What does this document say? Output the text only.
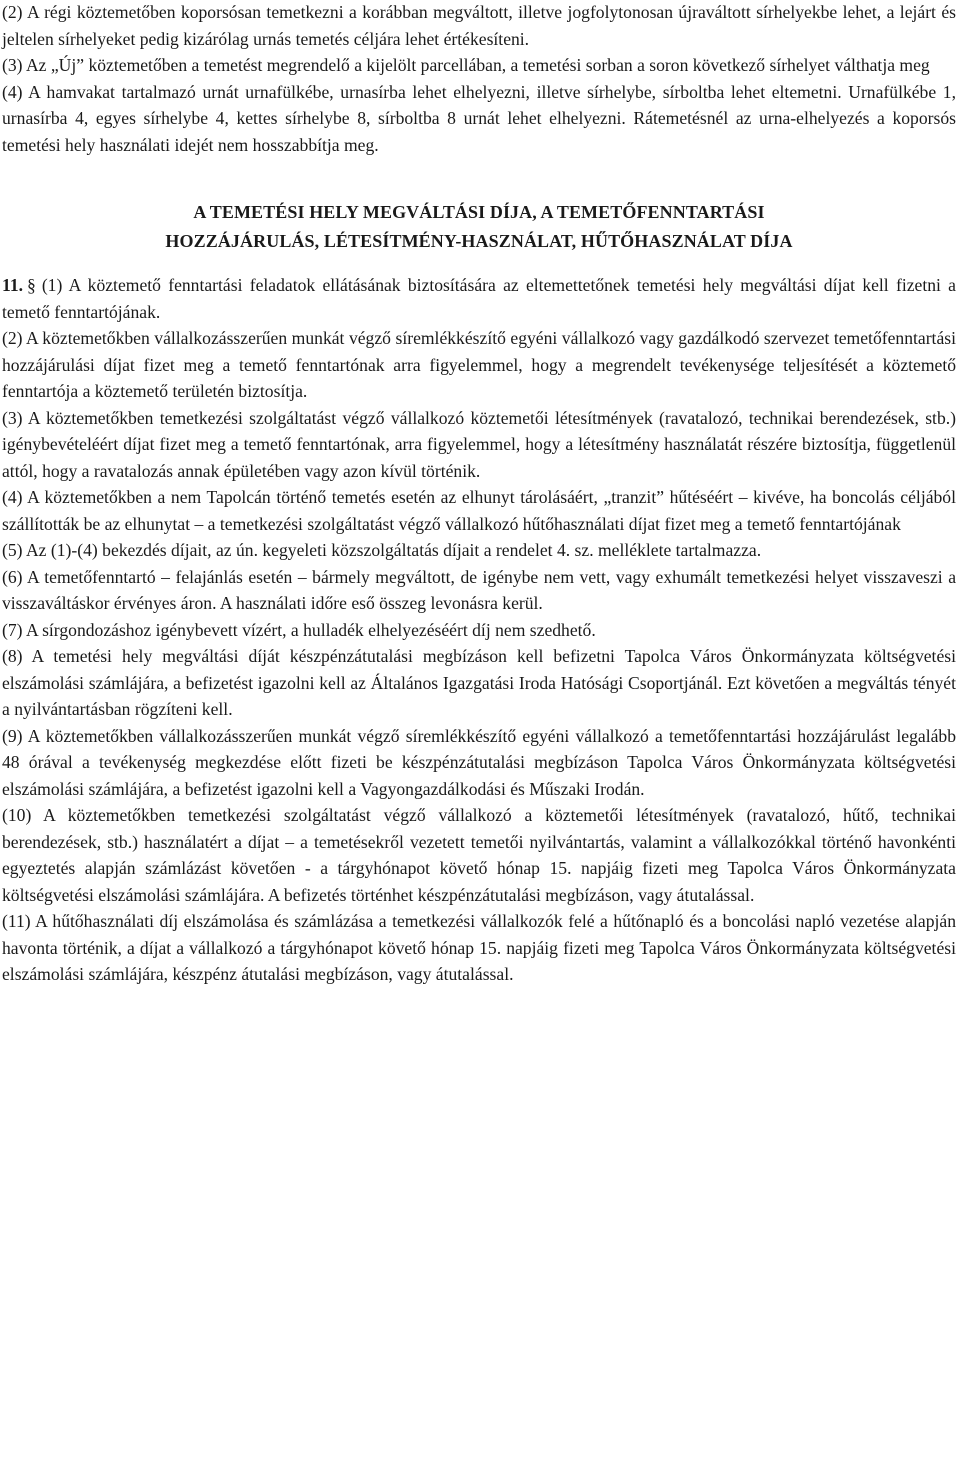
(2) A régi köztemetőben koporsósan temetkezni a korábban megváltott, illetve jogfolytonosan újraváltott sírhelyekbe lehet, a lejárt és jeltelen sírhelyeket pedig kizárólag urnás temetés céljára lehet értékesíteni.

(3) Az „Új” köztemetőben a temetést megrendelő a kijelölt parcellában, a temetési sorban a soron következő sírhelyet válthatja meg

(4) A hamvakat tartalmazó urnát urnafülkébe, urnasírba lehet elhelyezni, illetve sírhelybe, sírboltba lehet eltemetni. Urnafülkébe 1, urnasírba 4, egyes sírhelybe 4, kettes sírhelybe 8, sírboltba 8 urnát lehet elhelyezni. Rátemetésnél az urna-elhelyezés a koporsós temetési hely használati idejét nem hosszabbítja meg.

A TEMETÉSI HELY MEGVÁLTÁSI DÍJA, A TEMETŐFENNTARTÁSI
HOZZÁJÁRULÁS, LÉTESÍTMÉNY-HASZNÁLAT, HŰTŐHASZNÁLAT DÍJA

11. § (1) A köztemető fenntartási feladatok ellátásának biztosítására az eltemettetőnek temetési hely megváltási díjat kell fizetni a temető fenntartójának.

(2) A köztemetőkben vállalkozásszerűen munkát végző síremlékkészítő egyéni vállalkozó vagy gazdálkodó szervezet temetőfenntartási hozzájárulási díjat fizet meg a temető fenntartónak arra figyelemmel, hogy a megrendelt tevékenysége teljesítését a köztemető fenntartója a köztemető területén biztosítja.

(3) A köztemetőkben temetkezési szolgáltatást végző vállalkozó köztemetői létesítmények (ravatalozó, technikai berendezések, stb.) igénybevételéért díjat fizet meg a temető fenntartónak, arra figyelemmel, hogy a létesítmény használatát részére biztosítja, függetlenül attól, hogy a ravatalozás annak épületében vagy azon kívül történik.

(4) A köztemetőkben a nem Tapolcán történő temetés esetén az elhunyt tárolásáért, „tranzit” hűtéséért – kivéve, ha boncolás céljából szállították be az elhunytat – a temetkezési szolgáltatást végző vállalkozó hűtőhasználati díjat fizet meg a temető fenntartójának

(5) Az (1)-(4) bekezdés díjait, az ún. kegyeleti közszolgáltatás díjait a rendelet 4. sz. melléklete tartalmazza.

(6) A temetőfenntartó – felajánlás esetén – bármely megváltott, de igénybe nem vett, vagy exhumált temetkezési helyet visszaveszi a visszaváltáskor érvényes áron. A használati időre eső összeg levonásra kerül.

(7) A sírgondozáshoz igénybevett vízért, a hulladék elhelyezéséért díj nem szedhető.

(8) A temetési hely megváltási díját készpénzátutalási megbízáson kell befizetni Tapolca Város Önkormányzata költségvetési elszámolási számlájára, a befizetést igazolni kell az Általános Igazgatási Iroda Hatósági Csoportjánál. Ezt követően a megváltás tényét a nyilvántartásban rögzíteni kell.

(9) A köztemetőkben vállalkozásszerűen munkát végző síremlékkészítő egyéni vállalkozó a temetőfenntartási hozzájárulást legalább 48 órával a tevékenység megkezdése előtt fizeti be készpénzátutalási megbízáson Tapolca Város Önkormányzata költségvetési elszámolási számlájára, a befizetést igazolni kell a Vagyongazdálkodási és Műszaki Irodán.

(10) A köztemetőkben temetkezési szolgáltatást végző vállalkozó a köztemetői létesítmények (ravatalozó, hűtő, technikai berendezések, stb.) használatért a díjat – a temetésekről vezetett temetői nyilvántartás, valamint a vállalkozókkal történő havonkénti egyeztetés alapján számlázást követően - a tárgyhónapot követő hónap 15. napjáig fizeti meg Tapolca Város Önkormányzata költségvetési elszámolási számlájára. A befizetés történhet készpénzátutalási megbízáson, vagy átutalással.

(11) A hűtőhasználati díj elszámolása és számlázása a temetkezési vállalkozók felé a hűtőnapló és a boncolási napló vezetése alapján havonta történik, a díjat a vállalkozó a tárgyhónapot követő hónap 15. napjáig fizeti meg Tapolca Város Önkormányzata költségvetési elszámolási számlájára, készpénz átutalási megbízáson, vagy átutalással.
